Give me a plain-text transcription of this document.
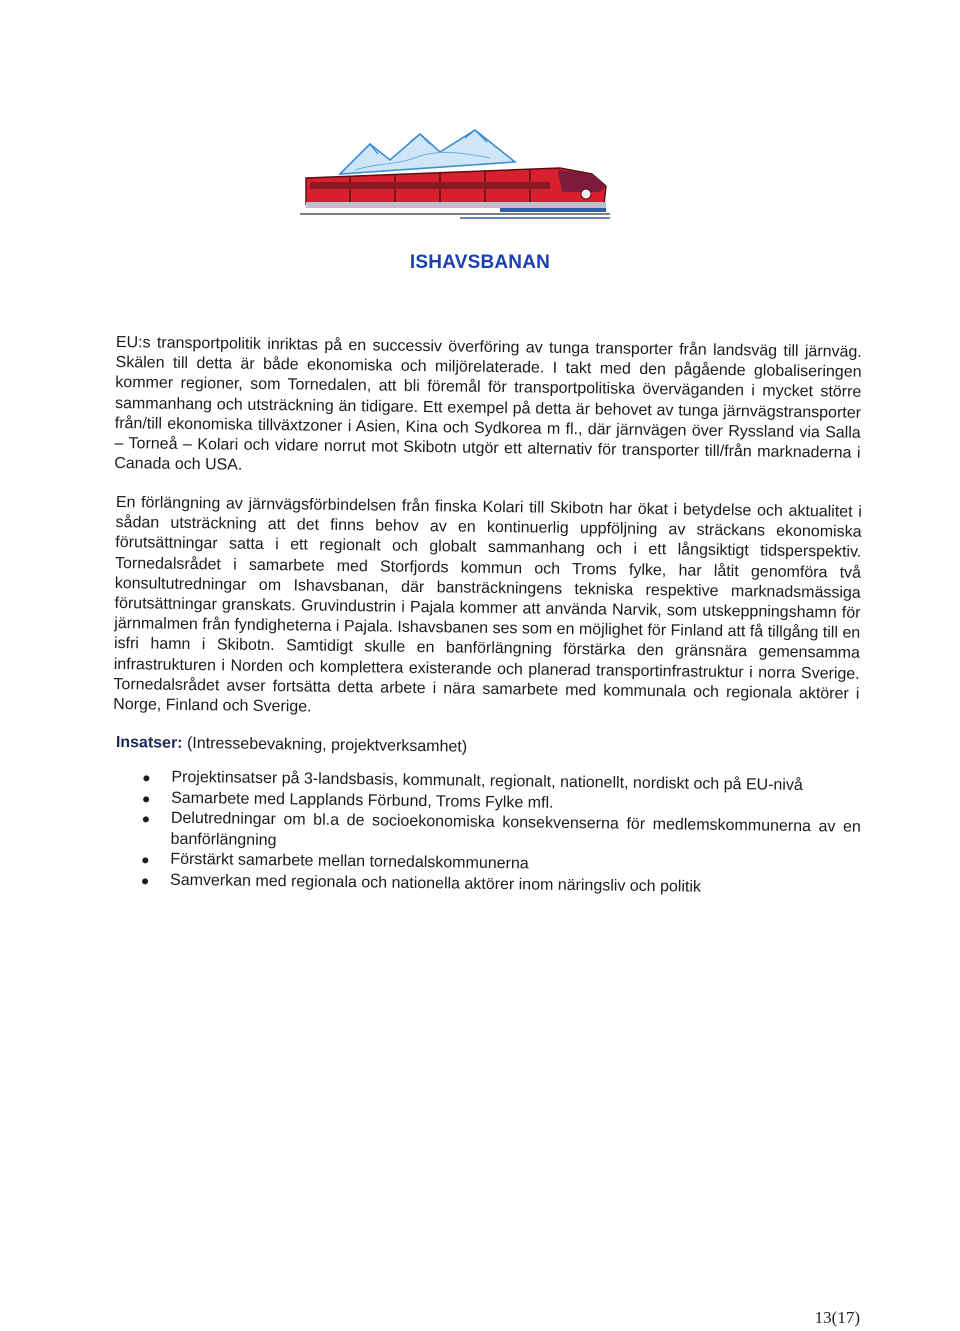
ISHAVSBANAN

EU:s transportpolitik inriktas på en successiv överföring av tunga transporter från landsväg till järnväg. Skälen till detta är både ekonomiska och miljörelaterade. I takt med den pågående globaliseringen kommer regioner, som Tornedalen, att bli föremål för transportpolitiska överväganden i mycket större sammanhang och utsträckning än tidigare. Ett exempel på detta är behovet av tunga järnvägstransporter från/till ekonomiska tillväxtzoner i Asien, Kina och Sydkorea m fl., där järnvägen över Ryssland via Salla – Torneå – Kolari och vidare norrut mot Skibotn utgör ett alternativ för transporter till/från marknaderna i Canada och USA.

En förlängning av järnvägsförbindelsen från finska Kolari till Skibotn har ökat i betydelse och aktualitet i sådan utsträckning att det finns behov av en kontinuerlig uppföljning av sträckans ekonomiska förutsättningar satta i ett regionalt och globalt sammanhang och i ett långsiktigt tidsperspektiv. Tornedalsrådet i samarbete med Storfjords kommun och Troms fylke, har låtit genomföra två konsultutredningar om Ishavsbanan, där bansträckningens tekniska respektive marknadsmässiga förutsättningar granskats. Gruvindustrin i Pajala kommer att använda Narvik, som utskeppningshamn för järnmalmen från fyndigheterna i Pajala. Ishavsbanen ses som en möjlighet för Finland att få tillgång till en isfri hamn i Skibotn. Samtidigt skulle en banförlängning förstärka den gränsnära gemensamma infrastrukturen i Norden och komplettera existerande och planerad transportinfrastruktur i norra Sverige. Tornedalsrådet avser fortsätta detta arbete i nära samarbete med kommunala och regionala aktörer i Norge, Finland och Sverige.

Insatser: (Intressebevakning, projektverksamhet)

Projektinsatser på 3-landsbasis, kommunalt, regionalt, nationellt, nordiskt och på EU-nivå
Samarbete med Lapplands Förbund, Troms Fylke mfl.
Delutredningar om bl.a de socioekonomiska konsekvenserna för medlemskommunerna av en banförlängning
Förstärkt samarbete mellan tornedalskommunerna
Samverkan med regionala och nationella aktörer inom näringsliv och politik
13(17)
